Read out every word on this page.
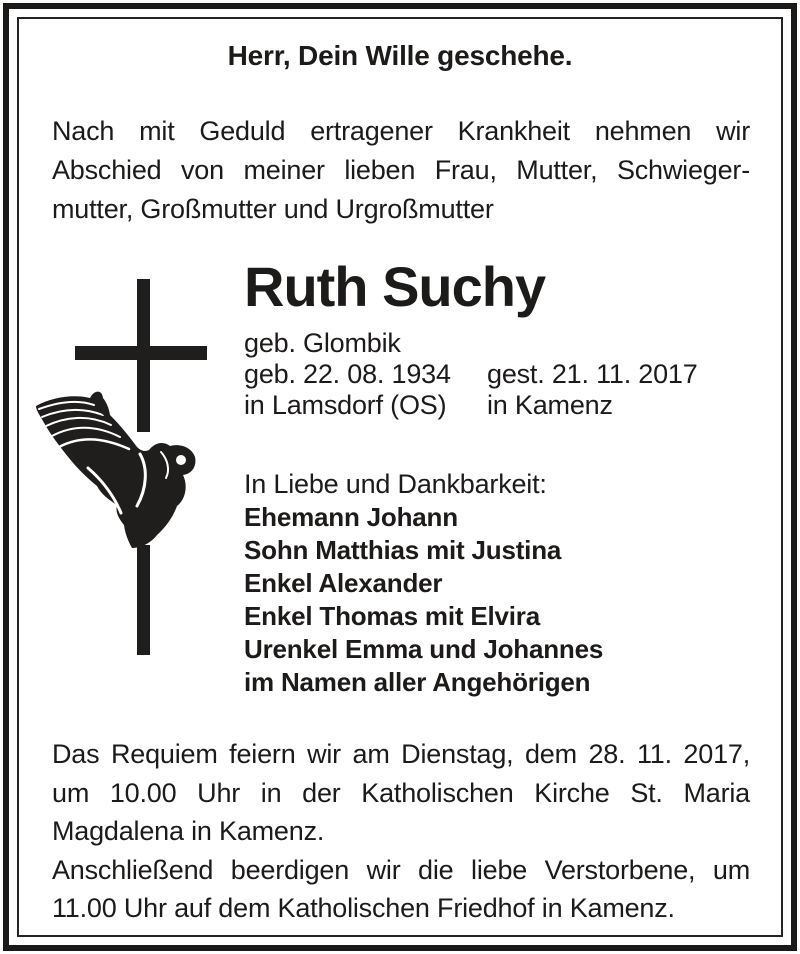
Herr, Dein Wille geschehe.
Nach mit Geduld ertragener Krankheit nehmen wir
Abschied von meiner lieben Frau, Mutter, Schwieger-
mutter, Großmutter und Urgroßmutter
Ruth Suchy
geb. Glombik
geb. 22. 08. 1934	gest. 21. 11. 2017
in Lamsdorf (OS)	in Kamenz
In Liebe und Dankbarkeit:
Ehemann Johann
Sohn Matthias mit Justina
Enkel Alexander
Enkel Thomas mit Elvira
Urenkel Emma und Johannes
im Namen aller Angehörigen
Das Requiem feiern wir am Dienstag, dem 28. 11. 2017,
um 10.00 Uhr in der Katholischen Kirche St. Maria
Magdalena in Kamenz.
Anschließend beerdigen wir die liebe Verstorbene, um
11.00 Uhr auf dem Katholischen Friedhof in Kamenz.
